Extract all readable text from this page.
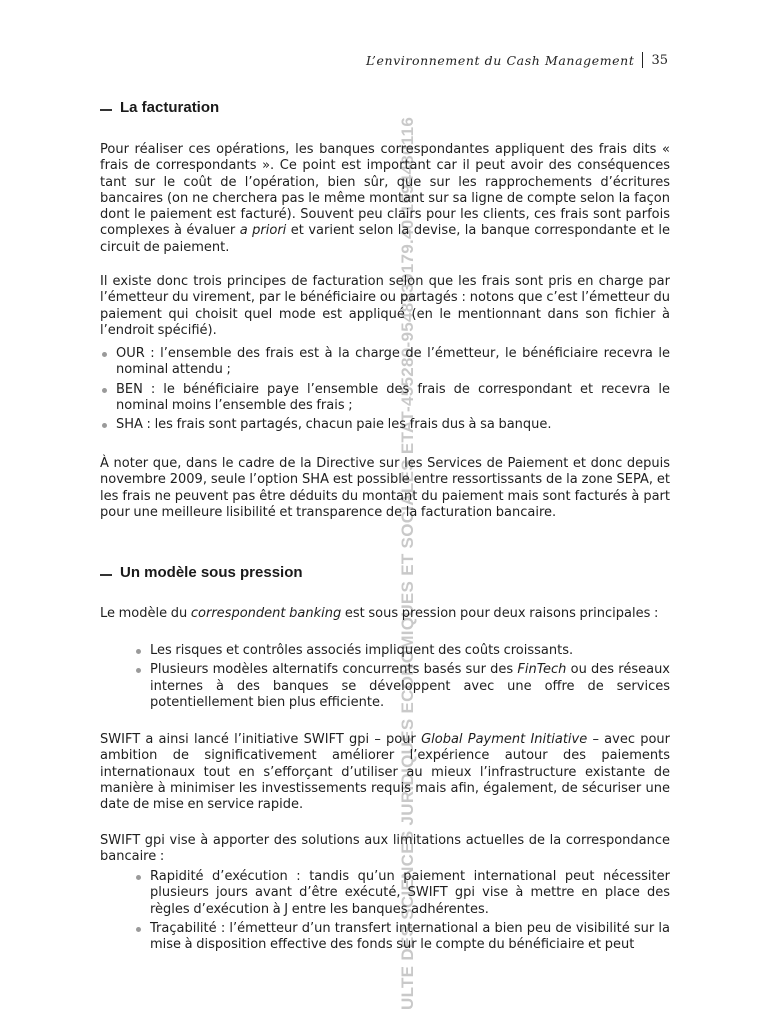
L’environnement du Cash Management 35
ULTE DES SCIENCES JURIDIQUES ECONOMIQUES ET SOCIALES ETAT-455289-9548839179.40:1594480116
La facturation

Pour réaliser ces opérations, les banques correspondantes appliquent des frais dits « frais de correspondants ». Ce point est important car il peut avoir des conséquences tant sur le coût de l’opération, bien sûr, que sur les rapprochements d’écritures bancaires (on ne cherchera pas le même montant sur sa ligne de compte selon la façon dont le paiement est facturé). Souvent peu clairs pour les clients, ces frais sont parfois complexes à évaluer a priori et varient selon la devise, la banque correspondante et le circuit de paiement.

Il existe donc trois principes de facturation selon que les frais sont pris en charge par l’émetteur du virement, par le bénéficiaire ou partagés : notons que c’est l’émetteur du paiement qui choisit quel mode est appliqué (en le mentionnant dans son fichier à l’endroit spécifié).

OUR : l’ensemble des frais est à la charge de l’émetteur, le bénéficiaire recevra le nominal attendu ;
BEN : le bénéficiaire paye l’ensemble des frais de correspondant et recevra le nominal moins l’ensemble des frais ;
SHA : les frais sont partagés, chacun paie les frais dus à sa banque.

À noter que, dans le cadre de la Directive sur les Services de Paiement et donc depuis novembre 2009, seule l’option SHA est possible entre ressortissants de la zone SEPA, et les frais ne peuvent pas être déduits du montant du paiement mais sont facturés à part pour une meilleure lisibilité et transparence de la facturation bancaire.

Un modèle sous pression

Le modèle du correspondent banking est sous pression pour deux raisons principales :

Les risques et contrôles associés impliquent des coûts croissants.
Plusieurs modèles alternatifs concurrents basés sur des FinTech ou des réseaux internes à des banques se développent avec une offre de services potentiellement bien plus efficiente.

SWIFT a ainsi lancé l’initiative SWIFT gpi – pour Global Payment Initiative – avec pour ambition de significativement améliorer l’expérience autour des paiements internationaux tout en s’efforçant d’utiliser au mieux l’infrastructure existante de manière à minimiser les investissements requis mais afin, également, de sécuriser une date de mise en service rapide.

SWIFT gpi vise à apporter des solutions aux limitations actuelles de la correspondance bancaire :

Rapidité d’exécution : tandis qu’un paiement international peut nécessiter plusieurs jours avant d’être exécuté, SWIFT gpi vise à mettre en place des règles d’exécution à J entre les banques adhérentes.
Traçabilité : l’émetteur d’un transfert international a bien peu de visibilité sur la mise à disposition effective des fonds sur le compte du bénéficiaire et peut
